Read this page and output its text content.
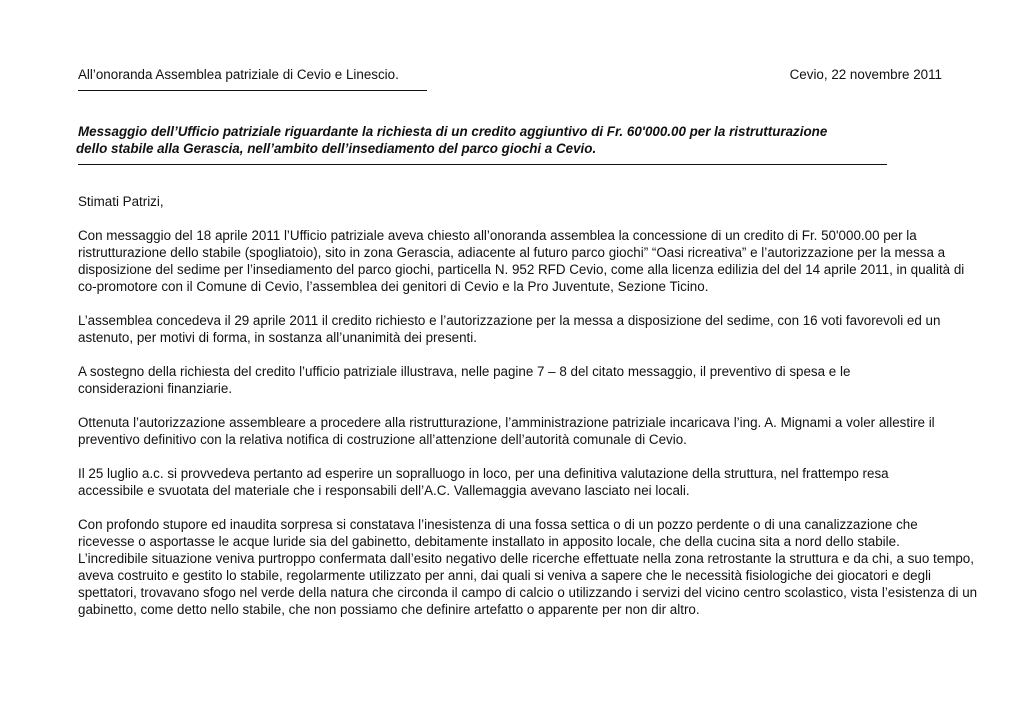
All’onoranda Assemblea patriziale di Cevio e Linescio.	Cevio, 22 novembre 2011
Messaggio dell’Ufficio patriziale riguardante la richiesta di un credito aggiuntivo di Fr. 60'000.00 per la ristrutturazione

dello stabile alla Gerascia, nell’ambito dell’insediamento del parco giochi a Cevio.

Stimati Patrizi,

Con messaggio del 18 aprile 2011 l’Ufficio patriziale aveva chiesto all’onoranda assemblea la concessione di un credito di Fr. 50'000.00 per la ristrutturazione dello stabile (spogliatoio), sito in zona Gerascia, adiacente al futuro parco giochi” “Oasi ricreativa” e l’autorizzazione per la messa a disposizione del sedime per l’insediamento del parco giochi, particella N. 952 RFD Cevio, come alla licenza edilizia del del 14 aprile 2011, in qualità di co-promotore con il Comune di Cevio, l’assemblea dei genitori di Cevio e la Pro Juventute, Sezione Ticino.

L’assemblea concedeva il 29 aprile 2011 il credito richiesto e l’autorizzazione per la messa a disposizione del sedime, con 16 voti favorevoli ed un astenuto, per motivi di forma, in sostanza all’unanimità dei presenti.

A sostegno della richiesta del credito l’ufficio patriziale illustrava, nelle pagine 7 – 8 del citato messaggio, il preventivo di spesa e le considerazioni finanziarie.

Ottenuta l’autorizzazione assembleare a procedere alla ristrutturazione, l’amministrazione patriziale incaricava l’ing. A. Mignami a voler allestire il preventivo definitivo con la relativa notifica di costruzione all’attenzione dell’autorità comunale di Cevio.

Il 25 luglio a.c. si provvedeva pertanto ad esperire un sopralluogo in loco, per una definitiva valutazione della struttura, nel frattempo resa accessibile e svuotata del materiale che i responsabili dell’A.C. Vallemaggia avevano lasciato nei locali.

Con profondo stupore ed inaudita sorpresa si constatava l’inesistenza di una fossa settica o di un pozzo perdente o di una canalizzazione che ricevesse o asportasse le acque luride sia del gabinetto, debitamente installato in apposito locale, che della cucina sita a nord dello stabile.

L’incredibile situazione veniva purtroppo confermata dall’esito negativo delle ricerche effettuate nella zona retrostante la struttura e da chi, a suo tempo, aveva costruito e gestito lo stabile, regolarmente utilizzato per anni, dai quali si veniva a sapere che le necessità fisiologiche dei giocatori e degli spettatori, trovavano sfogo nel verde della natura che circonda il campo di calcio o utilizzando i servizi del vicino centro scolastico, vista l’esistenza di un gabinetto, come detto nello stabile, che non possiamo che definire artefatto o apparente per non dir altro.
